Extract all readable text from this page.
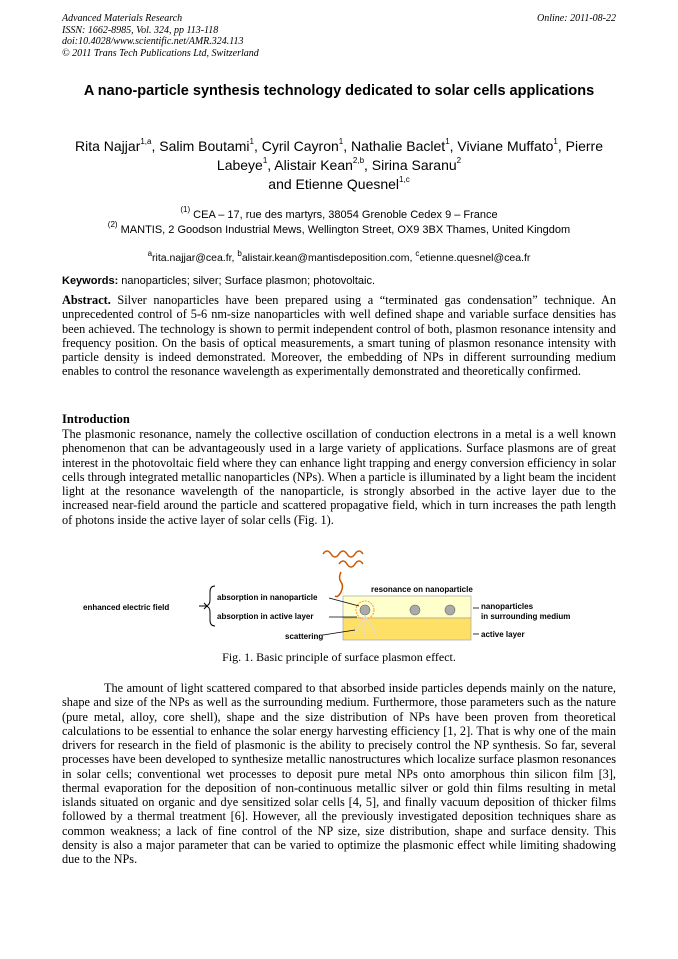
Advanced Materials Research
ISSN: 1662-8985, Vol. 324, pp 113-118
doi:10.4028/www.scientific.net/AMR.324.113
© 2011 Trans Tech Publications Ltd, Switzerland
Online: 2011-08-22
A nano-particle synthesis technology dedicated to solar cells applications
Rita Najjar$^{1,a}$, Salim Boutami$^1$, Cyril Cayron$^1$, Nathalie Baclet$^1$, Viviane Muffato$^1$, Pierre Labeye$^1$, Alistair Kean$^{2,b}$, Sirina Saranu$^2$
and Etienne Quesnel$^{1,c}$
$^{(1)}$ CEA – 17, rue des martyrs, 38054 Grenoble Cedex 9 – France
$^{(2)}$ MANTIS, 2 Goodson Industrial Mews, Wellington Street, OX9 3BX Thames, United Kingdom
$^a$rita.najjar@cea.fr, $^b$alistair.kean@mantisdeposition.com, $^c$etienne.quesnel@cea.fr
Keywords: nanoparticles; silver; Surface plasmon; photovoltaic.
Abstract. Silver nanoparticles have been prepared using a “terminated gas condensation” technique. An unprecedented control of 5-6 nm-size nanoparticles with well defined shape and variable surface densities has been achieved. The technology is shown to permit independent control of both, plasmon resonance intensity and frequency position. On the basis of optical measurements, a smart tuning of plasmon resonance intensity with particle density is indeed demonstrated. Moreover, the embedding of NPs in different surrounding medium enables to control the resonance wavelength as experimentally demonstrated and theoretically confirmed.
Introduction
The plasmonic resonance, namely the collective oscillation of conduction electrons in a metal is a well known phenomenon that can be advantageously used in a large variety of applications. Surface plasmons are of great interest in the photovoltaic field where they can enhance light trapping and energy conversion efficiency in solar cells through integrated metallic nanoparticles (NPs). When a particle is illuminated by a light beam the incident light at the resonance wavelength of the nanoparticle, is strongly absorbed in the active layer due to the increased near-field around the particle and scattered propagative field, which in turn increases the path length of photons inside the active layer of solar cells (Fig. 1).
resonance on nanoparticle
absorption in nanoparticle
enhanced electric field
absorption in active layer
scattering
nanoparticles
in surrounding medium
active layer
Fig. 1. Basic principle of surface plasmon effect.
The amount of light scattered compared to that absorbed inside particles depends mainly on the nature, shape and size of the NPs as well as the surrounding medium. Furthermore, those parameters such as the nature (pure metal, alloy, core shell), shape and the size distribution of NPs have been proven from theoretical calculations to be essential to enhance the solar energy harvesting efficiency [1, 2]. That is why one of the main drivers for research in the field of plasmonic is the ability to precisely control the NP synthesis. So far, several processes have been developed to synthesize metallic nanostructures which localize surface plasmon resonances in solar cells; conventional wet processes to deposit pure metal NPs onto amorphous thin silicon film [3], thermal evaporation for the deposition of non-continuous metallic silver or gold thin films resulting in metal islands situated on organic and dye sensitized solar cells [4, 5], and finally vacuum deposition of thicker films followed by a thermal treatment [6]. However, all the previously investigated deposition techniques share as common weakness; a lack of fine control of the NP size, size distribution, shape and surface density. This density is also a major parameter that can be varied to optimize the plasmonic effect while limiting shadowing due to the NPs.
